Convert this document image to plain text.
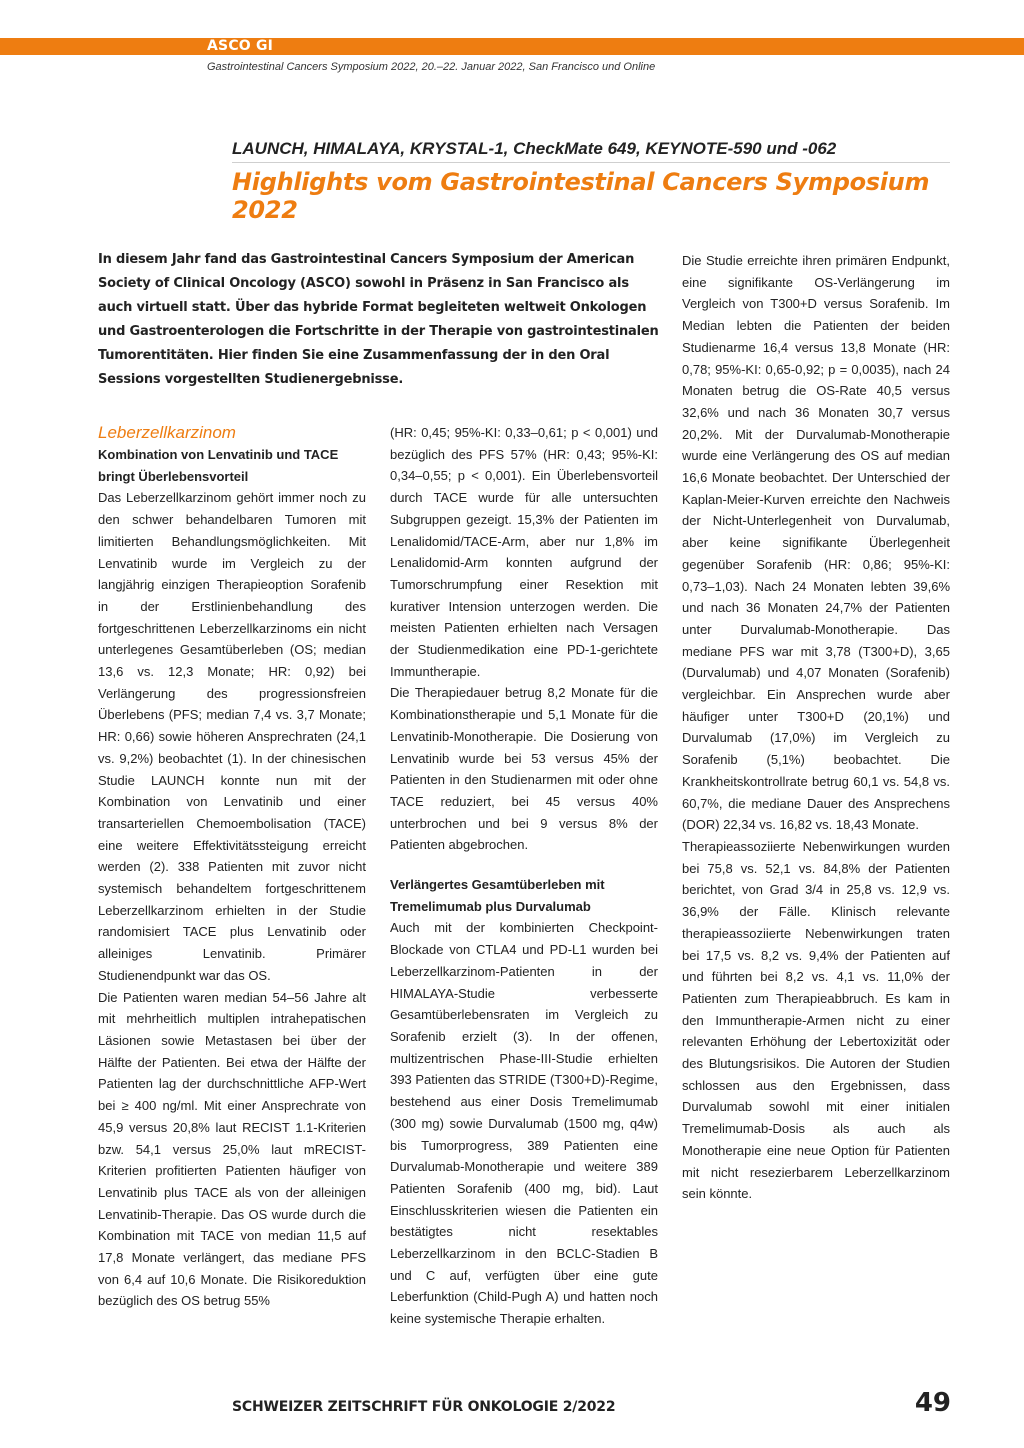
ASCO GI
Gastrointestinal Cancers Symposium 2022, 20.–22. Januar 2022, San Francisco und Online
LAUNCH, HIMALAYA, KRYSTAL-1, CheckMate 649, KEYNOTE-590 und -062
Highlights vom Gastrointestinal Cancers Symposium 2022

In diesem Jahr fand das Gastrointestinal Cancers Symposium der American Society of Clinical Oncology (ASCO) sowohl in Präsenz in San Francisco als auch virtuell statt. Über das hybride Format begleiteten weltweit Onkologen und Gastroenterologen die Fortschritte in der Therapie von gastrointestinalen Tumorentitäten. Hier finden Sie eine Zusammenfassung der in den Oral Sessions vorgestellten Studienergebnisse.

Leberzellkarzinom
Kombination von Lenvatinib und TACE bringt Überlebensvorteil

Das Leberzellkarzinom gehört immer noch zu den schwer behandelbaren Tumoren mit limitierten Behandlungsmöglichkeiten. Mit Lenvatinib wurde im Vergleich zu der langjährig einzigen Therapieoption Sorafenib in der Erstlinienbehandlung des fortgeschrittenen Leberzellkarzinoms ein nicht unterlegenes Gesamtüberleben (OS; median 13,6 vs. 12,3 Monate; HR: 0,92) bei Verlängerung des progressionsfreien Überlebens (PFS; median 7,4 vs. 3,7 Monate; HR: 0,66) sowie höheren Ansprechraten (24,1 vs. 9,2%) beobachtet (1). In der chinesischen Studie LAUNCH konnte nun mit der Kombination von Lenvatinib und einer transarteriellen Chemoembolisation (TACE) eine weitere Effektivitätssteigung erreicht werden (2). 338 Patienten mit zuvor nicht systemisch behandeltem fortgeschrittenem Leberzellkarzinom erhielten in der Studie randomisiert TACE plus Lenvatinib oder alleiniges Lenvatinib. Primärer Studienendpunkt war das OS.

Die Patienten waren median 54–56 Jahre alt mit mehrheitlich multiplen intrahepatischen Läsionen sowie Metastasen bei über der Hälfte der Patienten. Bei etwa der Hälfte der Patienten lag der durchschnittliche AFP-Wert bei ≥ 400 ng/ml. Mit einer Ansprechrate von 45,9 versus 20,8% laut RECIST 1.1-Kriterien bzw. 54,1 versus 25,0% laut mRECIST-Kriterien profitierten Patienten häufiger von Lenvatinib plus TACE als von der alleinigen Lenvatinib-Therapie. Das OS wurde durch die Kombination mit TACE von median 11,5 auf 17,8 Monate verlängert, das mediane PFS von 6,4 auf 10,6 Monate. Die Risikoreduktion bezüglich des OS betrug 55%

(HR: 0,45; 95%-KI: 0,33–0,61; p < 0,001) und bezüglich des PFS 57% (HR: 0,43; 95%-KI: 0,34–0,55; p < 0,001). Ein Überlebensvorteil durch TACE wurde für alle untersuchten Subgruppen gezeigt. 15,3% der Patienten im Lenalidomid/TACE-Arm, aber nur 1,8% im Lenalidomid-Arm konnten aufgrund der Tumorschrumpfung einer Resektion mit kurativer Intension unterzogen werden. Die meisten Patienten erhielten nach Versagen der Studienmedikation eine PD-1-gerichtete Immuntherapie.

Die Therapiedauer betrug 8,2 Monate für die Kombinationstherapie und 5,1 Monate für die Lenvatinib-Monotherapie. Die Dosierung von Lenvatinib wurde bei 53 versus 45% der Patienten in den Studienarmen mit oder ohne TACE reduziert, bei 45 versus 40% unterbrochen und bei 9 versus 8% der Patienten abgebrochen.

Verlängertes Gesamtüberleben mit Tremelimumab plus Durvalumab

Auch mit der kombinierten Checkpoint-Blockade von CTLA4 und PD-L1 wurden bei Leberzellkarzinom-Patienten in der HIMALAYA-Studie verbesserte Gesamtüberlebensraten im Vergleich zu Sorafenib erzielt (3). In der offenen, multizentrischen Phase-III-Studie erhielten 393 Patienten das STRIDE (T300+D)-Regime, bestehend aus einer Dosis Tremelimumab (300 mg) sowie Durvalumab (1500 mg, q4w) bis Tumorprogress, 389 Patienten eine Durvalumab-Monotherapie und weitere 389 Patienten Sorafenib (400 mg, bid). Laut Einschlusskriterien wiesen die Patienten ein bestätigtes nicht resektables Leberzellkarzinom in den BCLC-Stadien B und C auf, verfügten über eine gute Leberfunktion (Child-Pugh A) und hatten noch keine systemische Therapie erhalten.

Die Studie erreichte ihren primären Endpunkt, eine signifikante OS-Verlängerung im Vergleich von T300+D versus Sorafenib. Im Median lebten die Patienten der beiden Studienarme 16,4 versus 13,8 Monate (HR: 0,78; 95%-KI: 0,65-0,92; p = 0,0035), nach 24 Monaten betrug die OS-Rate 40,5 versus 32,6% und nach 36 Monaten 30,7 versus 20,2%. Mit der Durvalumab-Monotherapie wurde eine Verlängerung des OS auf median 16,6 Monate beobachtet. Der Unterschied der Kaplan-Meier-Kurven erreichte den Nachweis der Nicht-Unterlegenheit von Durvalumab, aber keine signifikante Überlegenheit gegenüber Sorafenib (HR: 0,86; 95%-KI: 0,73–1,03). Nach 24 Monaten lebten 39,6% und nach 36 Monaten 24,7% der Patienten unter Durvalumab-Monotherapie. Das mediane PFS war mit 3,78 (T300+D), 3,65 (Durvalumab) und 4,07 Monaten (Sorafenib) vergleichbar. Ein Ansprechen wurde aber häufiger unter T300+D (20,1%) und Durvalumab (17,0%) im Vergleich zu Sorafenib (5,1%) beobachtet. Die Krankheitskontrollrate betrug 60,1 vs. 54,8 vs. 60,7%, die mediane Dauer des Ansprechens (DOR) 22,34 vs. 16,82 vs. 18,43 Monate.

Therapieassoziierte Nebenwirkungen wurden bei 75,8 vs. 52,1 vs. 84,8% der Patienten berichtet, von Grad 3/4 in 25,8 vs. 12,9 vs. 36,9% der Fälle. Klinisch relevante therapieassoziierte Nebenwirkungen traten bei 17,5 vs. 8,2 vs. 9,4% der Patienten auf und führten bei 8,2 vs. 4,1 vs. 11,0% der Patienten zum Therapieabbruch. Es kam in den Immuntherapie-Armen nicht zu einer relevanten Erhöhung der Lebertoxizität oder des Blutungsrisikos. Die Autoren der Studien schlossen aus den Ergebnissen, dass Durvalumab sowohl mit einer initialen Tremelimumab-Dosis als auch als Monotherapie eine neue Option für Patienten mit nicht resezierbarem Leberzellkarzinom sein könnte.

SCHWEIZER ZEITSCHRIFT FÜR ONKOLOGIE 2/2022	49
